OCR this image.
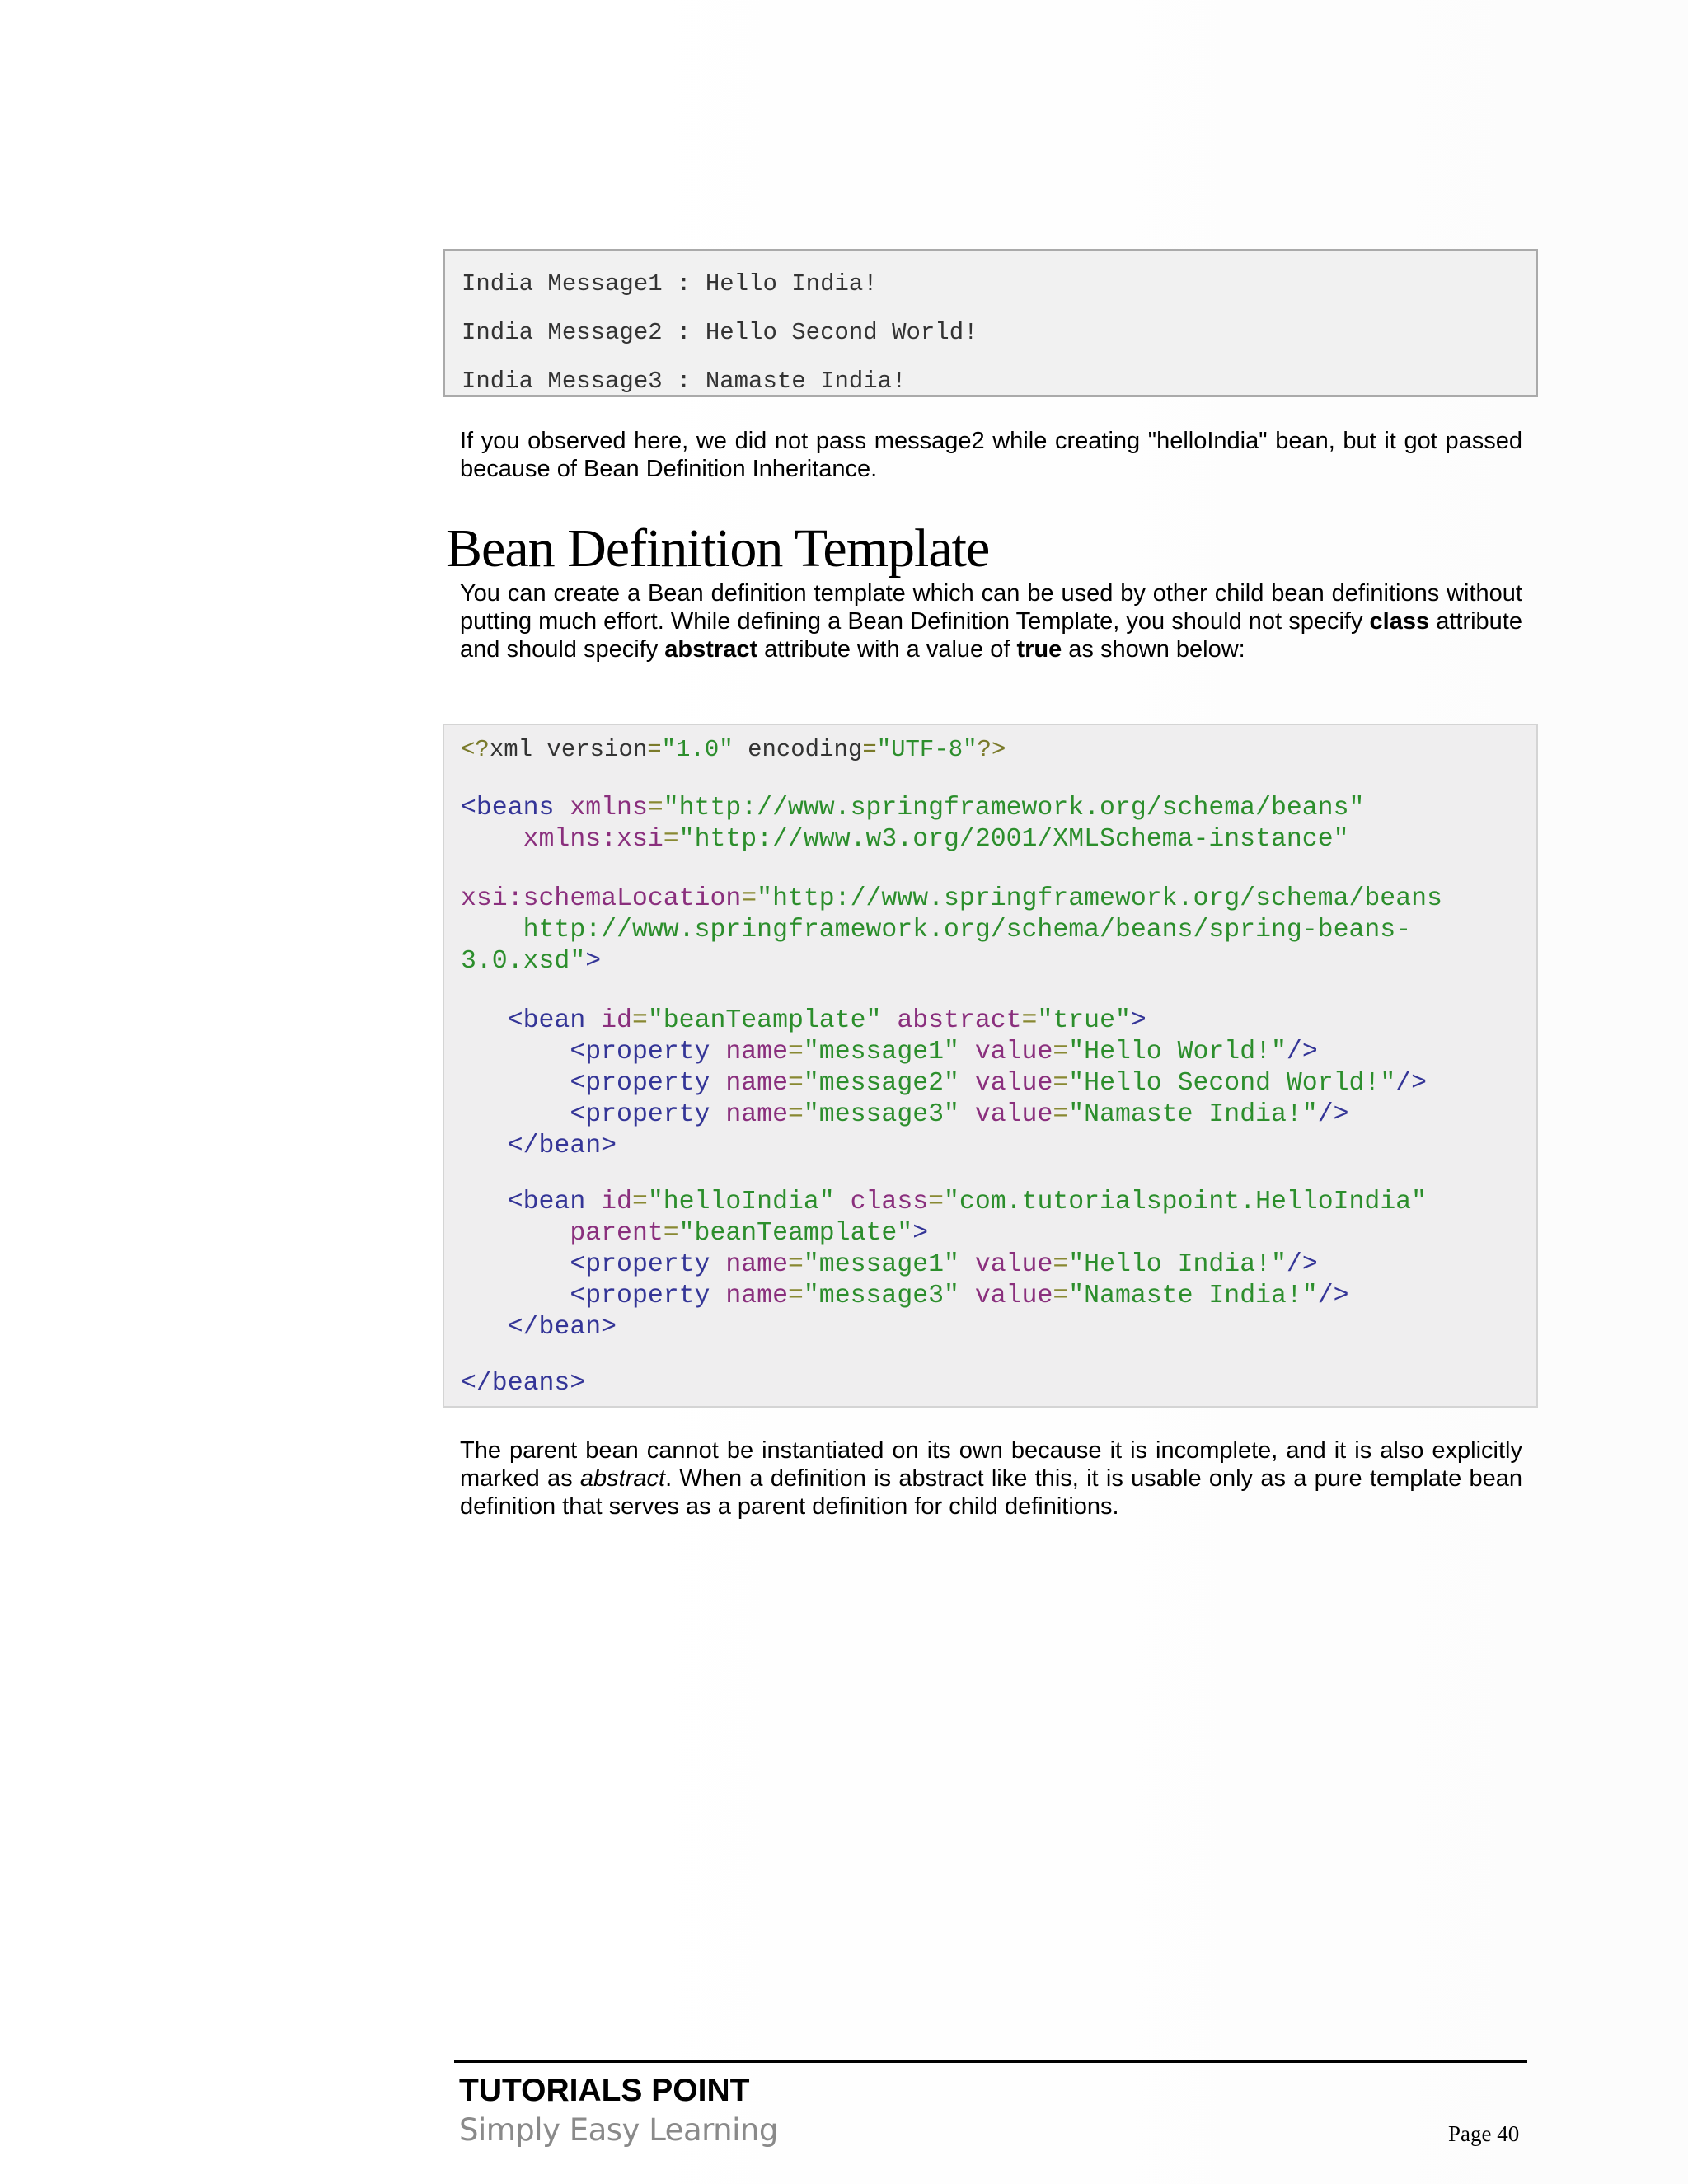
India Message1 : Hello India!
India Message2 : Hello Second World!
India Message3 : Namaste India!
If you observed here, we did not pass message2 while creating "helloIndia" bean, but it got passed because of Bean Definition Inheritance.
Bean Definition Template
You can create a Bean definition template which can be used by other child bean definitions without putting much effort. While defining a Bean Definition Template, you should not specify class attribute and should specify abstract attribute with a value of true as shown below:
<?xml version="1.0" encoding="UTF-8"?>
<beans xmlns="http://www.springframework.org/schema/beans"
xmlns:xsi="http://www.w3.org/2001/XMLSchema-instance"
xsi:schemaLocation="http://www.springframework.org/schema/beans
http://www.springframework.org/schema/beans/spring-beans-
3.0.xsd">
<bean id="beanTeamplate" abstract="true">
<property name="message1" value="Hello World!"/>
<property name="message2" value="Hello Second World!"/>
<property name="message3" value="Namaste India!"/>
</bean>
<bean id="helloIndia" class="com.tutorialspoint.HelloIndia"
parent="beanTeamplate">
<property name="message1" value="Hello India!"/>
<property name="message3" value="Namaste India!"/>
</bean>
</beans>
The parent bean cannot be instantiated on its own because it is incomplete, and it is also explicitly marked as abstract. When a definition is abstract like this, it is usable only as a pure template bean definition that serves as a parent definition for child definitions.
TUTORIALS POINT
Simply Easy Learning	Page 40
